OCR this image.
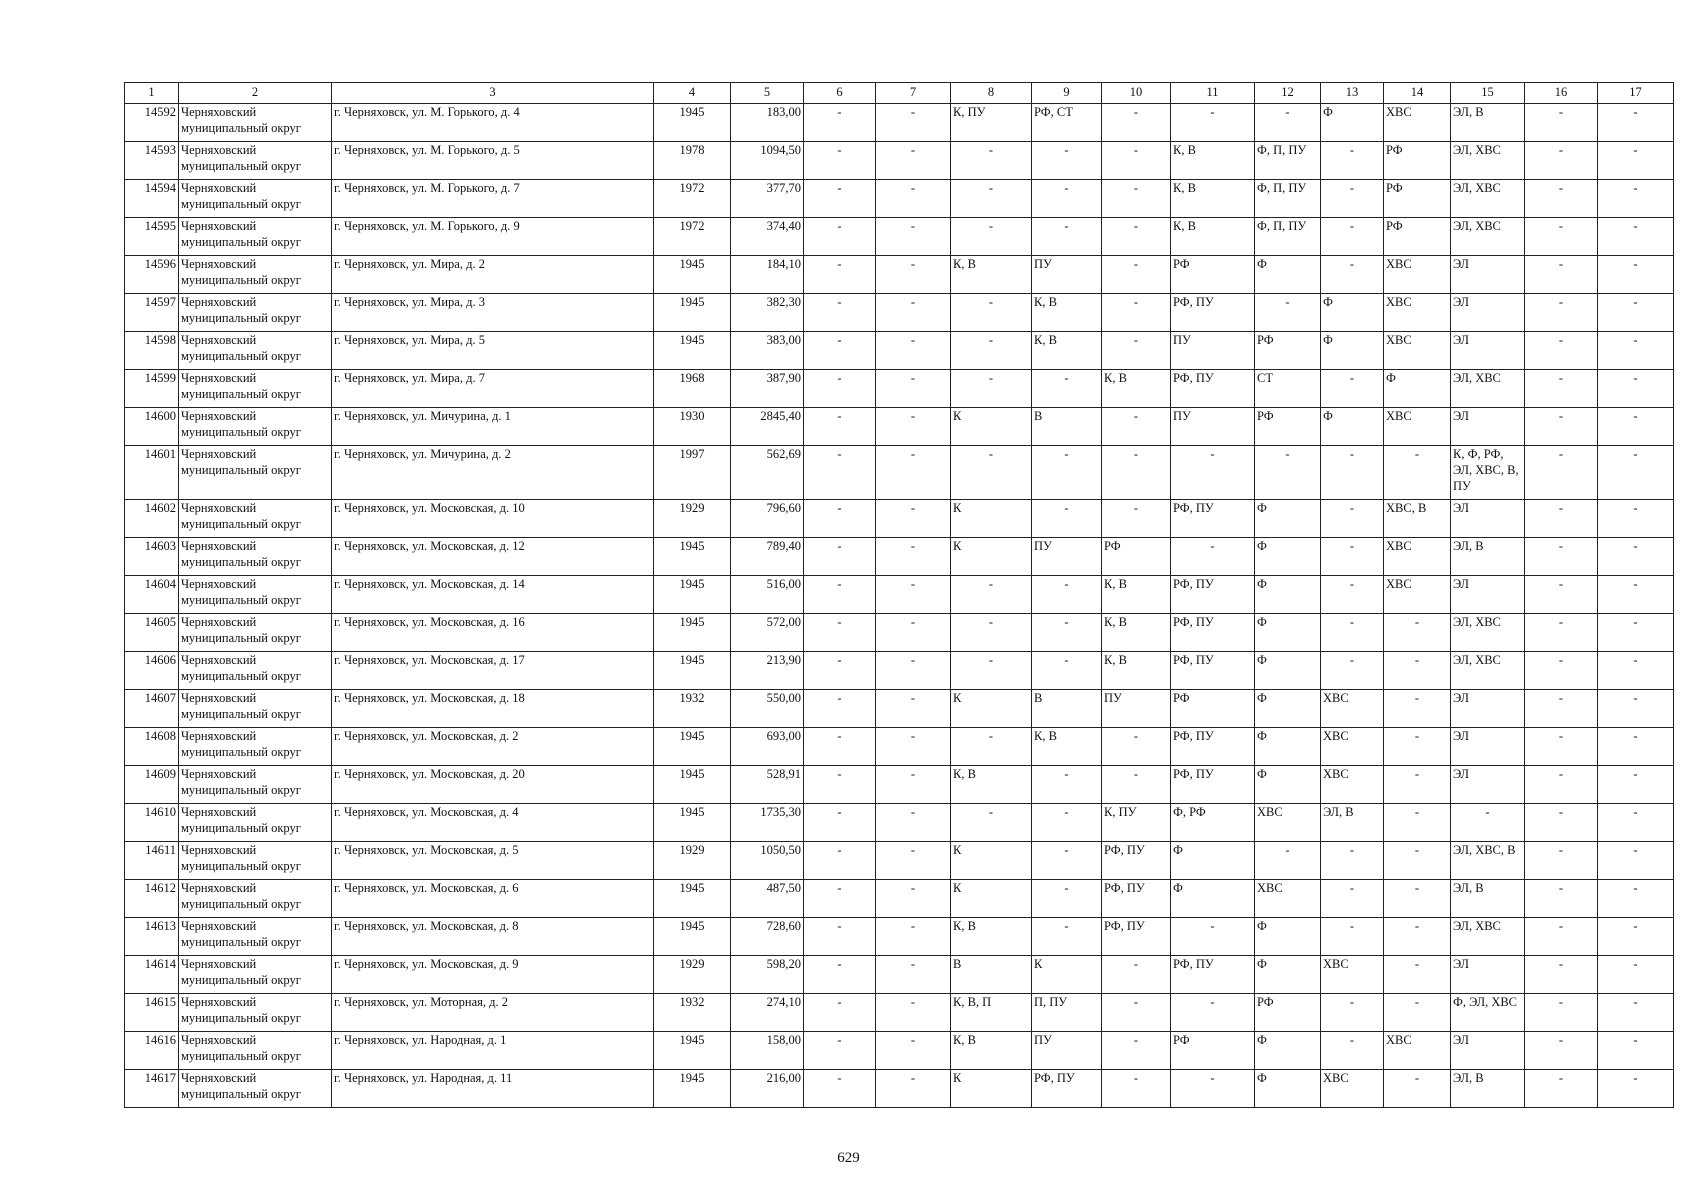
1	2	3	4	5	6	7	8	9	10	11	12	13	14	15	16	17
14592	Черняховский муниципальный округ	г. Черняховск, ул. М. Горького, д. 4	1945	183,00	-	-	К, ПУ	РФ, СТ	-	-	-	Ф	ХВС	ЭЛ, В	-	-
14593	Черняховский муниципальный округ	г. Черняховск, ул. М. Горького, д. 5	1978	1094,50	-	-	-	-	-	К, В	Ф, П, ПУ	-	РФ	ЭЛ, ХВС	-	-
14594	Черняховский муниципальный округ	г. Черняховск, ул. М. Горького, д. 7	1972	377,70	-	-	-	-	-	К, В	Ф, П, ПУ	-	РФ	ЭЛ, ХВС	-	-
14595	Черняховский муниципальный округ	г. Черняховск, ул. М. Горького, д. 9	1972	374,40	-	-	-	-	-	К, В	Ф, П, ПУ	-	РФ	ЭЛ, ХВС	-	-
14596	Черняховский муниципальный округ	г. Черняховск, ул. Мира, д. 2	1945	184,10	-	-	К, В	ПУ	-	РФ	Ф	-	ХВС	ЭЛ	-	-
14597	Черняховский муниципальный округ	г. Черняховск, ул. Мира, д. 3	1945	382,30	-	-	-	К, В	-	РФ, ПУ	-	Ф	ХВС	ЭЛ	-	-
14598	Черняховский муниципальный округ	г. Черняховск, ул. Мира, д. 5	1945	383,00	-	-	-	К, В	-	ПУ	РФ	Ф	ХВС	ЭЛ	-	-
14599	Черняховский муниципальный округ	г. Черняховск, ул. Мира, д. 7	1968	387,90	-	-	-	-	К, В	РФ, ПУ	СТ	-	Ф	ЭЛ, ХВС	-	-
14600	Черняховский муниципальный округ	г. Черняховск, ул. Мичурина, д. 1	1930	2845,40	-	-	К	В	-	ПУ	РФ	Ф	ХВС	ЭЛ	-	-
14601	Черняховский муниципальный округ	г. Черняховск, ул. Мичурина, д. 2	1997	562,69	-	-	-	-	-	-	-	-	-	К, Ф, РФ, ЭЛ, ХВС, В, ПУ	-	-
14602	Черняховский муниципальный округ	г. Черняховск, ул. Московская, д. 10	1929	796,60	-	-	К	-	-	РФ, ПУ	Ф	-	ХВС, В	ЭЛ	-	-
14603	Черняховский муниципальный округ	г. Черняховск, ул. Московская, д. 12	1945	789,40	-	-	К	ПУ	РФ	-	Ф	-	ХВС	ЭЛ, В	-	-
14604	Черняховский муниципальный округ	г. Черняховск, ул. Московская, д. 14	1945	516,00	-	-	-	-	К, В	РФ, ПУ	Ф	-	ХВС	ЭЛ	-	-
14605	Черняховский муниципальный округ	г. Черняховск, ул. Московская, д. 16	1945	572,00	-	-	-	-	К, В	РФ, ПУ	Ф	-	-	ЭЛ, ХВС	-	-
14606	Черняховский муниципальный округ	г. Черняховск, ул. Московская, д. 17	1945	213,90	-	-	-	-	К, В	РФ, ПУ	Ф	-	-	ЭЛ, ХВС	-	-
14607	Черняховский муниципальный округ	г. Черняховск, ул. Московская, д. 18	1932	550,00	-	-	К	В	ПУ	РФ	Ф	ХВС	-	ЭЛ	-	-
14608	Черняховский муниципальный округ	г. Черняховск, ул. Московская, д. 2	1945	693,00	-	-	-	К, В	-	РФ, ПУ	Ф	ХВС	-	ЭЛ	-	-
14609	Черняховский муниципальный округ	г. Черняховск, ул. Московская, д. 20	1945	528,91	-	-	К, В	-	-	РФ, ПУ	Ф	ХВС	-	ЭЛ	-	-
14610	Черняховский муниципальный округ	г. Черняховск, ул. Московская, д. 4	1945	1735,30	-	-	-	-	К, ПУ	Ф, РФ	ХВС	ЭЛ, В	-	-	-	-
14611	Черняховский муниципальный округ	г. Черняховск, ул. Московская, д. 5	1929	1050,50	-	-	К	-	РФ, ПУ	Ф	-	-	-	ЭЛ, ХВС, В	-	-
14612	Черняховский муниципальный округ	г. Черняховск, ул. Московская, д. 6	1945	487,50	-	-	К	-	РФ, ПУ	Ф	ХВС	-	-	ЭЛ, В	-	-
14613	Черняховский муниципальный округ	г. Черняховск, ул. Московская, д. 8	1945	728,60	-	-	К, В	-	РФ, ПУ	-	Ф	-	-	ЭЛ, ХВС	-	-
14614	Черняховский муниципальный округ	г. Черняховск, ул. Московская, д. 9	1929	598,20	-	-	В	К	-	РФ, ПУ	Ф	ХВС	-	ЭЛ	-	-
14615	Черняховский муниципальный округ	г. Черняховск, ул. Моторная, д. 2	1932	274,10	-	-	К, В, П	П, ПУ	-	-	РФ	-	-	Ф, ЭЛ, ХВС	-	-
14616	Черняховский муниципальный округ	г. Черняховск, ул. Народная, д. 1	1945	158,00	-	-	К, В	ПУ	-	РФ	Ф	-	ХВС	ЭЛ	-	-
14617	Черняховский муниципальный округ	г. Черняховск, ул. Народная, д. 11	1945	216,00	-	-	К	РФ, ПУ	-	-	Ф	ХВС	-	ЭЛ, В	-	-
629
